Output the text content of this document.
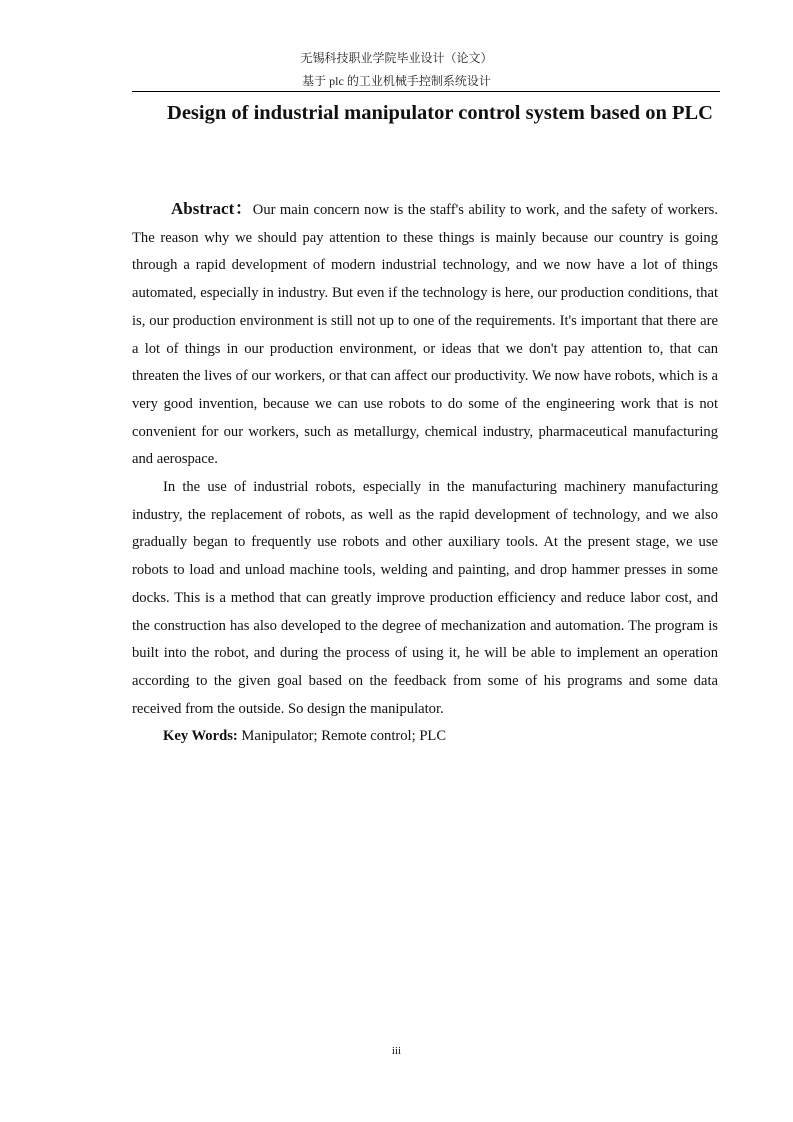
无锡科技职业学院毕业设计（论文）
基于 plc 的工业机械手控制系统设计
Design of industrial manipulator control system based on PLC

Abstract：Our main concern now is the staff's ability to work, and the safety of workers. The reason why we should pay attention to these things is mainly because our country is going through a rapid development of modern industrial technology, and we now have a lot of things automated, especially in industry. But even if the technology is here, our production conditions, that is, our production environment is still not up to one of the requirements. It's important that there are a lot of things in our production environment, or ideas that we don't pay attention to, that can threaten the lives of our workers, or that can affect our productivity. We now have robots, which is a very good invention, because we can use robots to do some of the engineering work that is not convenient for our workers, such as metallurgy, chemical industry, pharmaceutical manufacturing and aerospace.

In the use of industrial robots, especially in the manufacturing machinery manufacturing industry, the replacement of robots, as well as the rapid development of technology, and we also gradually began to frequently use robots and other auxiliary tools. At the present stage, we use robots to load and unload machine tools, welding and painting, and drop hammer presses in some docks. This is a method that can greatly improve production efficiency and reduce labor cost, and the construction has also developed to the degree of mechanization and automation. The program is built into the robot, and during the process of using it, he will be able to implement an operation according to the given goal based on the feedback from some of his programs and some data received from the outside. So design the manipulator.

Key Words: Manipulator; Remote control; PLC

iii
